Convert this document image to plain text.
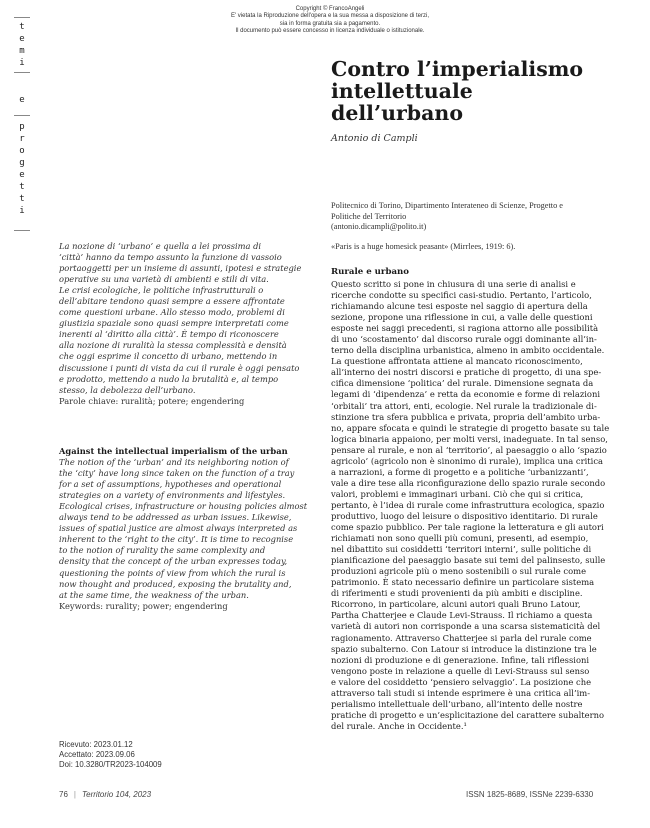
Copyright © FrancoAngeli
E' vietata la Riproduzione dell'opera e la sua messa a disposizione di terzi,
sia in forma gratuita sia a pagamento.
Il documento può essere concesso in licenza individuale o istituzionale.
t
e
m
i
e
p
r
o
g
e
t
t
i
Contro l’imperialismo
intellettuale
dell’urbano
Antonio di Campli
Politecnico di Torino, Dipartimento Interateneo di Scienze, Progetto e
Politiche del Territorio
(antonio.dicampli@polito.it)
«Paris is a huge homesick peasant» (Mirrlees, 1919: 6).
Rurale e urbano
Questo scritto si pone in chiusura di una serie di analisi e
ricerche condotte su specifici casi-studio. Pertanto, l’articolo,
richiamando alcune tesi esposte nel saggio di apertura della
sezione, propone una riflessione in cui, a valle delle questioni
esposte nei saggi precedenti, si ragiona attorno alle possibilità
di uno ‘scostamento’ dal discorso rurale oggi dominante all’in-
terno della disciplina urbanistica, almeno in ambito occidentale.
La questione affrontata attiene al mancato riconoscimento,
all’interno dei nostri discorsi e pratiche di progetto, di una spe-
cifica dimensione ‘politica’ del rurale. Dimensione segnata da
legami di ‘dipendenza’ e retta da economie e forme di relazioni
‘orbitali’ tra attori, enti, ecologie. Nel rurale la tradizionale di-
stinzione tra sfera pubblica e privata, propria dell’ambito urba-
no, appare sfocata e quindi le strategie di progetto basate su tale
logica binaria appaiono, per molti versi, inadeguate. In tal senso,
pensare al rurale, e non al ‘territorio’, al paesaggio o allo ‘spazio
agricolo’ (agricolo non è sinonimo di rurale), implica una critica
a narrazioni, a forme di progetto e a politiche ‘urbanizzanti’,
vale a dire tese alla riconfigurazione dello spazio rurale secondo
valori, problemi e immaginari urbani. Ciò che qui si critica,
pertanto, è l’idea di rurale come infrastruttura ecologica, spazio
produttivo, luogo del leisure o dispositivo identitario. Di rurale
come spazio pubblico. Per tale ragione la letteratura e gli autori
richiamati non sono quelli più comuni, presenti, ad esempio,
nel dibattito sui cosiddetti ‘territori interni’, sulle politiche di
pianificazione del paesaggio basate sui temi del palinsesto, sulle
produzioni agricole più o meno sostenibili o sul rurale come
patrimonio. È stato necessario definire un particolare sistema
di riferimenti e studi provenienti da più ambiti e discipline.
Ricorrono, in particolare, alcuni autori quali Bruno Latour,
Partha Chatterjee e Claude Levi-Strauss. Il richiamo a questa
varietà di autori non corrisponde a una scarsa sistematicità del
ragionamento. Attraverso Chatterjee si parla del rurale come
spazio subalterno. Con Latour si introduce la distinzione tra le
nozioni di produzione e di generazione. Infine, tali riflessioni
vengono poste in relazione a quelle di Levi-Strauss sul senso
e valore del cosiddetto ‘pensiero selvaggio’. La posizione che
attraverso tali studi si intende esprimere è una critica all’im-
perialismo intellettuale dell’urbano, all’intento delle nostre
pratiche di progetto e un’esplicitazione del carattere subalterno
del rurale. Anche in Occidente.¹
La nozione di ‘urbano’ e quella a lei prossima di
‘città’ hanno da tempo assunto la funzione di vassoio
portaoggetti per un insieme di assunti, ipotesi e strategie
operative su una varietà di ambienti e stili di vita.
Le crisi ecologiche, le politiche infrastrutturali o
dell’abitare tendono quasi sempre a essere affrontate
come questioni urbane. Allo stesso modo, problemi di
giustizia spaziale sono quasi sempre interpretati come
inerenti al ‘diritto alla città’. È tempo di riconoscere
alla nozione di ruralità la stessa complessità e densità
che oggi esprime il concetto di urbano, mettendo in
discussione i punti di vista da cui il rurale è oggi pensato
e prodotto, mettendo a nudo la brutalità e, al tempo
stesso, la debolezza dell’urbano.
Parole chiave: ruralità; potere; engendering
Against the intellectual imperialism of the urban
The notion of the ‘urban’ and its neighboring notion of
the ‘city’ have long since taken on the function of a tray
for a set of assumptions, hypotheses and operational
strategies on a variety of environments and lifestyles.
Ecological crises, infrastructure or housing policies almost
always tend to be addressed as urban issues. Likewise,
issues of spatial justice are almost always interpreted as
inherent to the ‘right to the city’. It is time to recognise
to the notion of rurality the same complexity and
density that the concept of the urban expresses today,
questioning the points of view from which the rural is
now thought and produced, exposing the brutality and,
at the same time, the weakness of the urban.
Keywords: rurality; power; engendering
Ricevuto: 2023.01.12
Accettato: 2023.09.06
Doi: 10.3280/TR2023-104009
76 | Territorio 104, 2023	ISSN 1825-8689, ISSNe 2239-6330
